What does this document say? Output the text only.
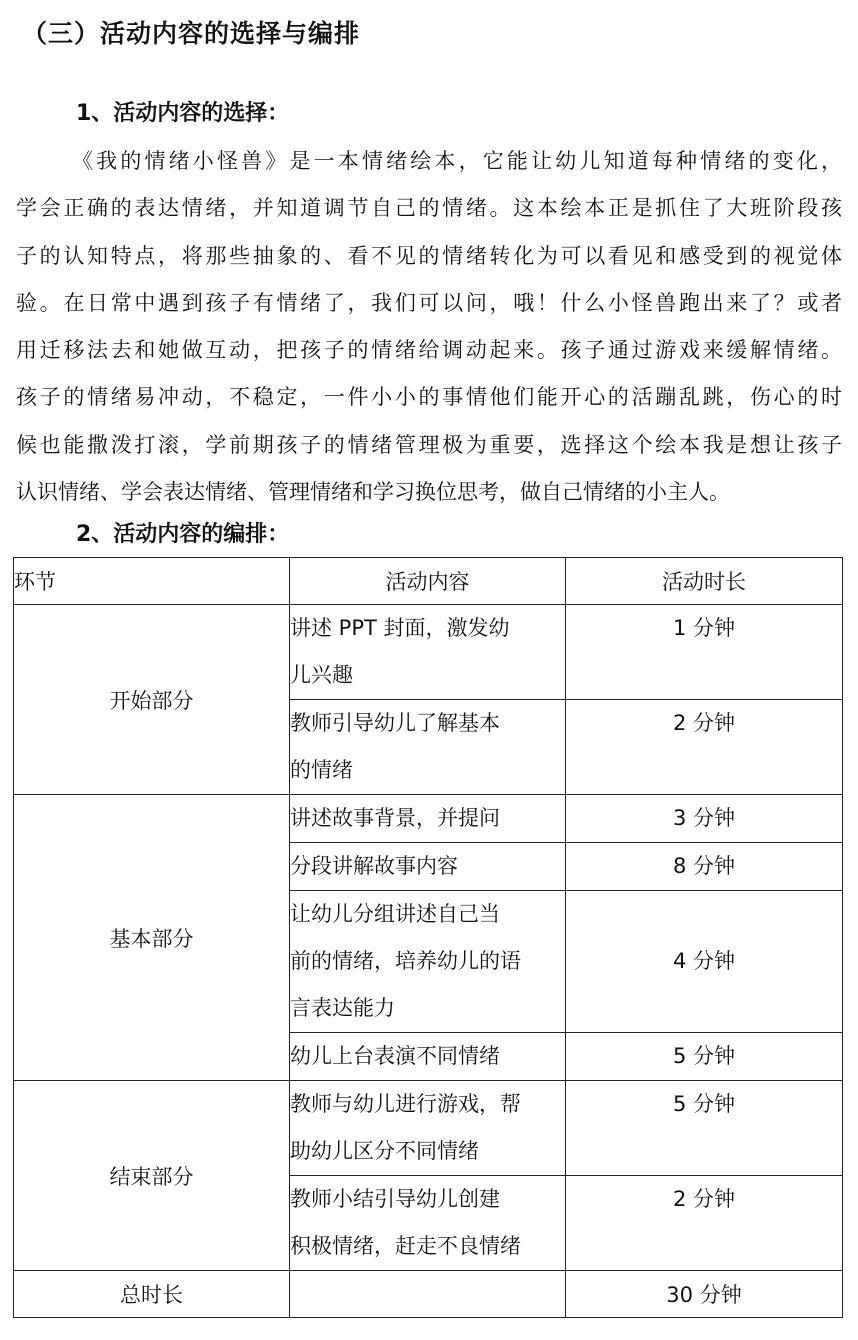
（三）活动内容的选择与编排
1、活动内容的选择：

《我的情绪小怪兽》是一本情绪绘本，它能让幼儿知道每种情绪的变化，
学会正确的表达情绪，并知道调节自己的情绪。这本绘本正是抓住了大班阶段孩
子的认知特点，将那些抽象的、看不见的情绪转化为可以看见和感受到的视觉体
验。在日常中遇到孩子有情绪了，我们可以问，哦！什么小怪兽跑出来了？或者
用迁移法去和她做互动，把孩子的情绪给调动起来。孩子通过游戏来缓解情绪。
孩子的情绪易冲动，不稳定，一件小小的事情他们能开心的活蹦乱跳，伤心的时
候也能撒泼打滚，学前期孩子的情绪管理极为重要，选择这个绘本我是想让孩子
认识情绪、学会表达情绪、管理情绪和学习换位思考，做自己情绪的小主人。

2、活动内容的编排：
环节	活动内容	活动时长
开始部分	讲述 PPT 封面，激发幼
儿兴趣	1 分钟
	教师引导幼儿了解基本
的情绪	2 分钟
基本部分	讲述故事背景，并提问	3 分钟
	分段讲解故事内容	8 分钟
	让幼儿分组讲述自己当
前的情绪，培养幼儿的语
言表达能力	4 分钟
	幼儿上台表演不同情绪	5 分钟
结束部分	教师与幼儿进行游戏，帮
助幼儿区分不同情绪	5 分钟
	教师小结引导幼儿创建
积极情绪，赶走不良情绪	2 分钟
总时长		30 分钟
